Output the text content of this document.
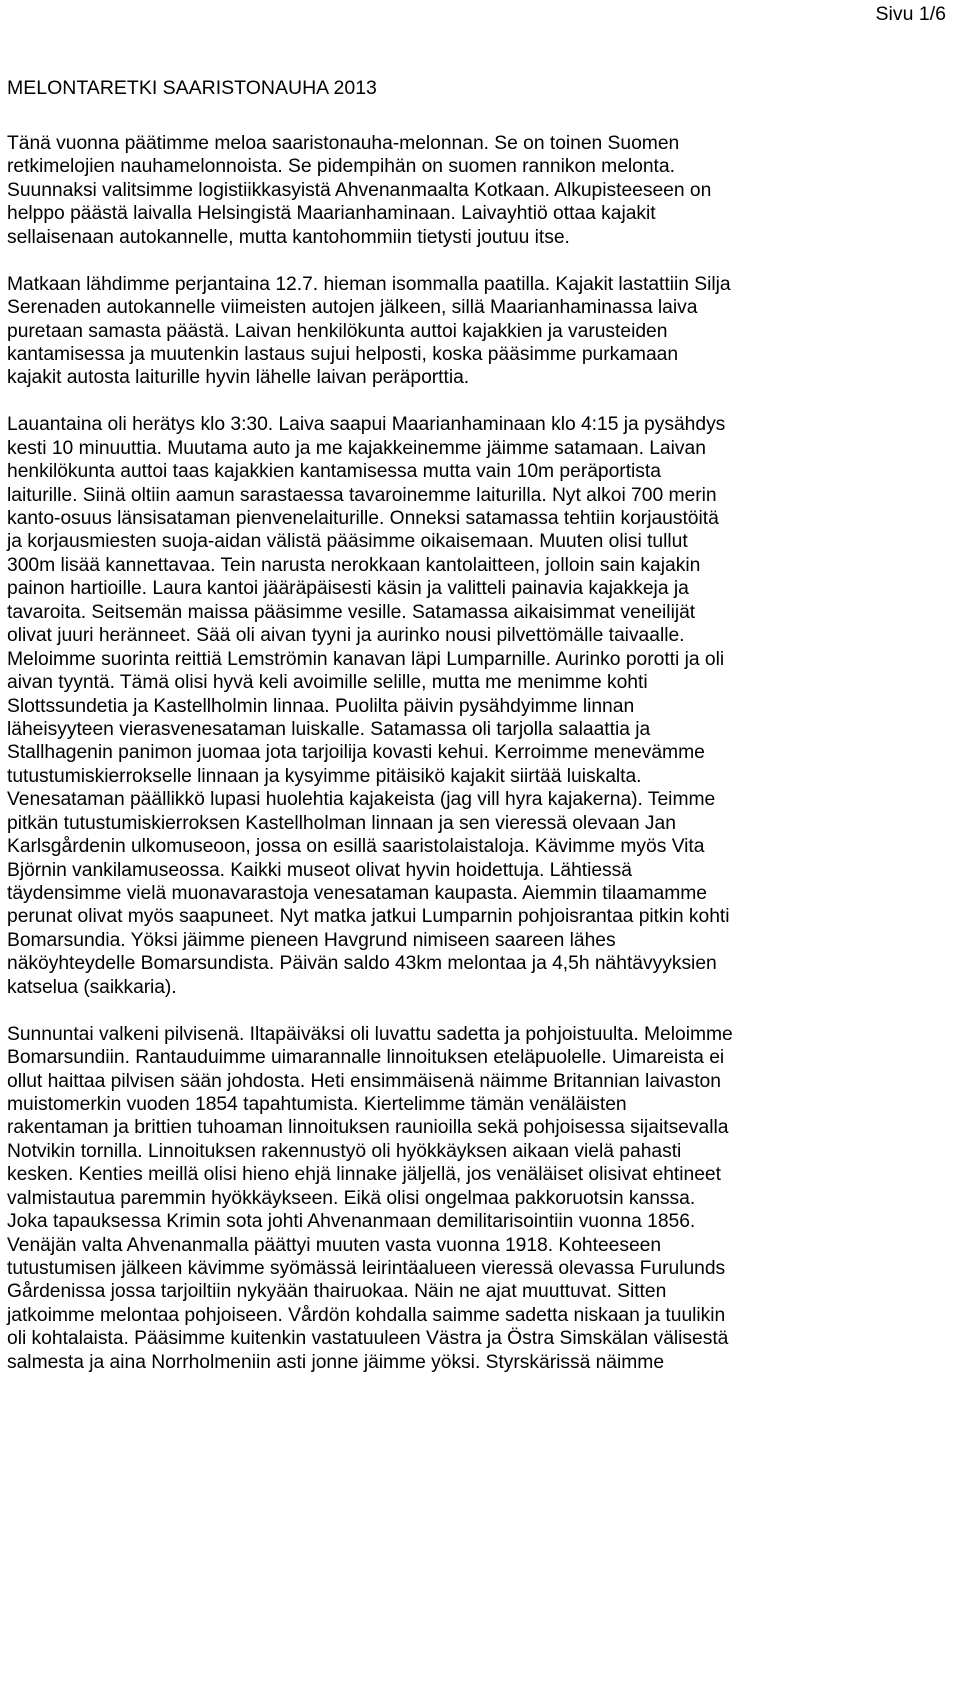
Sivu 1/6
MELONTARETKI SAARISTONAUHA 2013
Tänä vuonna päätimme meloa saaristonauha-melonnan. Se on toinen Suomen
retkimelojien nauhamelonnoista. Se pidempihän on suomen rannikon melonta.
Suunnaksi valitsimme logistiikkasyistä Ahvenanmaalta Kotkaan. Alkupisteeseen on
helppo päästä laivalla Helsingistä Maarianhaminaan. Laivayhtiö ottaa kajakit
sellaisenaan autokannelle, mutta kantohommiin tietysti joutuu itse.
Matkaan lähdimme perjantaina 12.7. hieman isommalla paatilla. Kajakit lastattiin Silja
Serenaden autokannelle viimeisten autojen jälkeen, sillä Maarianhaminassa laiva
puretaan samasta päästä. Laivan henkilökunta auttoi kajakkien ja varusteiden
kantamisessa ja muutenkin lastaus sujui helposti, koska pääsimme purkamaan
kajakit autosta laiturille hyvin lähelle laivan peräporttia.
Lauantaina oli herätys klo 3:30. Laiva saapui Maarianhaminaan klo 4:15 ja pysähdys
kesti 10 minuuttia. Muutama auto ja me kajakkeinemme jäimme satamaan. Laivan
henkilökunta auttoi taas kajakkien kantamisessa mutta vain 10m peräportista
laiturille. Siinä oltiin aamun sarastaessa tavaroinemme laiturilla. Nyt alkoi 700 merin
kanto-osuus länsisataman pienvenelaiturille. Onneksi satamassa tehtiin korjaustöitä
ja korjausmiesten suoja-aidan välistä pääsimme oikaisemaan. Muuten olisi tullut
300m lisää kannettavaa. Tein narusta nerokkaan kantolaitteen, jolloin sain kajakin
painon hartioille. Laura kantoi jääräpäisesti käsin ja valitteli painavia kajakkeja ja
tavaroita. Seitsemän maissa pääsimme vesille. Satamassa aikaisimmat veneilijät
olivat juuri heränneet. Sää oli aivan tyyni ja aurinko nousi pilvettömälle taivaalle.
Meloimme suorinta reittiä Lemströmin kanavan läpi Lumparnille. Aurinko porotti ja oli
aivan tyyntä. Tämä olisi hyvä keli avoimille selille, mutta me menimme kohti
Slottssundetia ja Kastellholmin linnaa. Puolilta päivin pysähdyimme linnan
läheisyyteen vierasvenesataman luiskalle. Satamassa oli tarjolla salaattia ja
Stallhagenin panimon juomaa jota tarjoilija kovasti kehui. Kerroimme menevämme
tutustumiskierrokselle linnaan ja kysyimme pitäisikö kajakit siirtää luiskalta.
Venesataman päällikkö lupasi huolehtia kajakeista (jag vill hyra kajakerna). Teimme
pitkän tutustumiskierroksen Kastellholman linnaan ja sen vieressä olevaan Jan
Karlsgårdenin ulkomuseoon, jossa on esillä saaristolaistaloja. Kävimme myös Vita
Björnin vankilamuseossa. Kaikki museot olivat hyvin hoidettuja. Lähtiessä
täydensimme vielä muonavarastoja venesataman kaupasta. Aiemmin tilaamamme
perunat olivat myös saapuneet. Nyt matka jatkui Lumparnin pohjoisrantaa pitkin kohti
Bomarsundia. Yöksi jäimme pieneen Havgrund nimiseen saareen lähes
näköyhteydelle Bomarsundista. Päivän saldo 43km melontaa ja 4,5h nähtävyyksien
katselua (saikkaria).
Sunnuntai valkeni pilvisenä. Iltapäiväksi oli luvattu sadetta ja pohjoistuulta. Meloimme
Bomarsundiin. Rantauduimme uimarannalle linnoituksen eteläpuolelle. Uimareista ei
ollut haittaa pilvisen sään johdosta. Heti ensimmäisenä näimme Britannian laivaston
muistomerkin vuoden 1854 tapahtumista. Kiertelimme tämän venäläisten
rakentaman ja brittien tuhoaman linnoituksen raunioilla sekä pohjoisessa sijaitsevalla
Notvikin tornilla. Linnoituksen rakennustyö oli hyökkäyksen aikaan vielä pahasti
kesken. Kenties meillä olisi hieno ehjä linnake jäljellä, jos venäläiset olisivat ehtineet
valmistautua paremmin hyökkäykseen. Eikä olisi ongelmaa pakkoruotsin kanssa.
Joka tapauksessa Krimin sota johti Ahvenanmaan demilitarisointiin vuonna 1856.
Venäjän valta Ahvenanmalla päättyi muuten vasta vuonna 1918. Kohteeseen
tutustumisen jälkeen kävimme syömässä leirintäalueen vieressä olevassa Furulunds
Gårdenissa jossa tarjoiltiin nykyään thairuokaa. Näin ne ajat muuttuvat. Sitten
jatkoimme melontaa pohjoiseen. Vårdön kohdalla saimme sadetta niskaan ja tuulikin
oli kohtalaista. Pääsimme kuitenkin vastatuuleen Västra ja Östra Simskälan välisestä
salmesta ja aina Norrholmeniin asti jonne jäimme yöksi. Styrskärissä näimme
